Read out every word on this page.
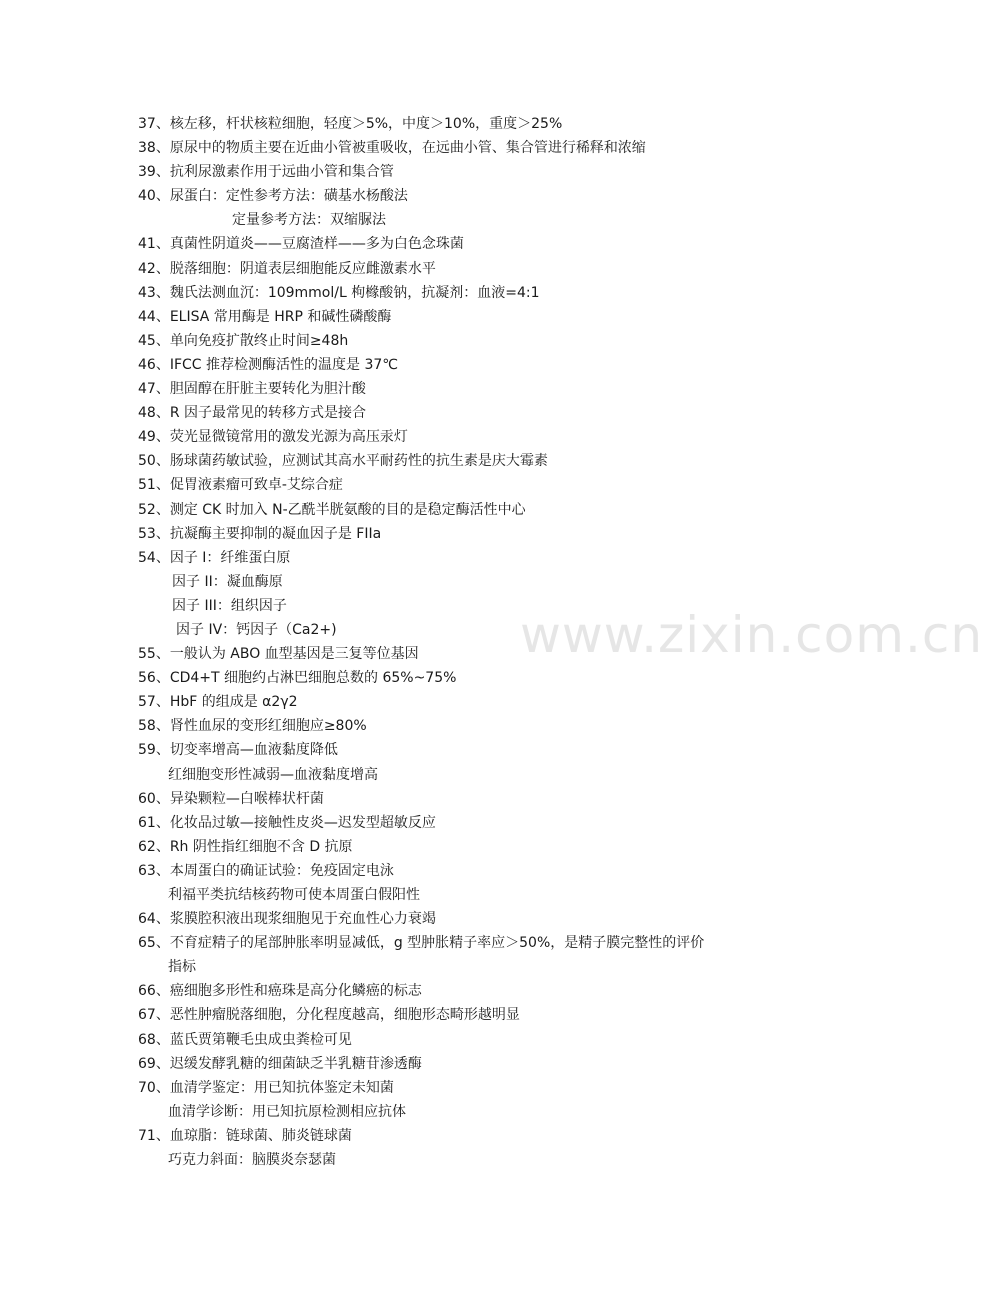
www.zixin.com.cn
37、核左移，杆状核粒细胞，轻度＞5%，中度＞10%，重度＞25%
38、原尿中的物质主要在近曲小管被重吸收，在远曲小管、集合管进行稀释和浓缩
39、抗利尿激素作用于远曲小管和集合管
40、尿蛋白：定性参考方法：磺基水杨酸法
定量参考方法：双缩脲法
41、真菌性阴道炎——豆腐渣样——多为白色念珠菌
42、脱落细胞：阴道表层细胞能反应雌激素水平
43、魏氏法测血沉：109mmol/L 枸橼酸钠，抗凝剂：血液=4:1
44、ELISA 常用酶是 HRP 和碱性磷酸酶
45、单向免疫扩散终止时间≥48h
46、IFCC 推荐检测酶活性的温度是 37℃
47、胆固醇在肝脏主要转化为胆汁酸
48、R 因子最常见的转移方式是接合
49、荧光显微镜常用的激发光源为高压汞灯
50、肠球菌药敏试验，应测试其高水平耐药性的抗生素是庆大霉素
51、促胃液素瘤可致卓-艾综合症
52、测定 CK 时加入 N-乙酰半胱氨酸的目的是稳定酶活性中心
53、抗凝酶主要抑制的凝血因子是 FIIa
54、因子 I：纤维蛋白原
因子 II：凝血酶原
因子 III：组织因子
因子 IV：钙因子（Ca2+)
55、一般认为 ABO 血型基因是三复等位基因
56、CD4+T 细胞约占淋巴细胞总数的 65%~75%
57、HbF 的组成是 α2γ2
58、肾性血尿的变形红细胞应≥80%
59、切变率增高—血液黏度降低
红细胞变形性减弱—血液黏度增高
60、异染颗粒—白喉棒状杆菌
61、化妆品过敏—接触性皮炎—迟发型超敏反应
62、Rh 阴性指红细胞不含 D 抗原
63、本周蛋白的确证试验：免疫固定电泳
利福平类抗结核药物可使本周蛋白假阳性
64、浆膜腔积液出现浆细胞见于充血性心力衰竭
65、不育症精子的尾部肿胀率明显减低，g 型肿胀精子率应＞50%，是精子膜完整性的评价
指标
66、癌细胞多形性和癌珠是高分化鳞癌的标志
67、恶性肿瘤脱落细胞，分化程度越高，细胞形态畸形越明显
68、蓝氏贾第鞭毛虫成虫粪检可见
69、迟缓发酵乳糖的细菌缺乏半乳糖苷渗透酶
70、血清学鉴定：用已知抗体鉴定未知菌
血清学诊断：用已知抗原检测相应抗体
71、血琼脂：链球菌、肺炎链球菌
巧克力斜面：脑膜炎奈瑟菌
